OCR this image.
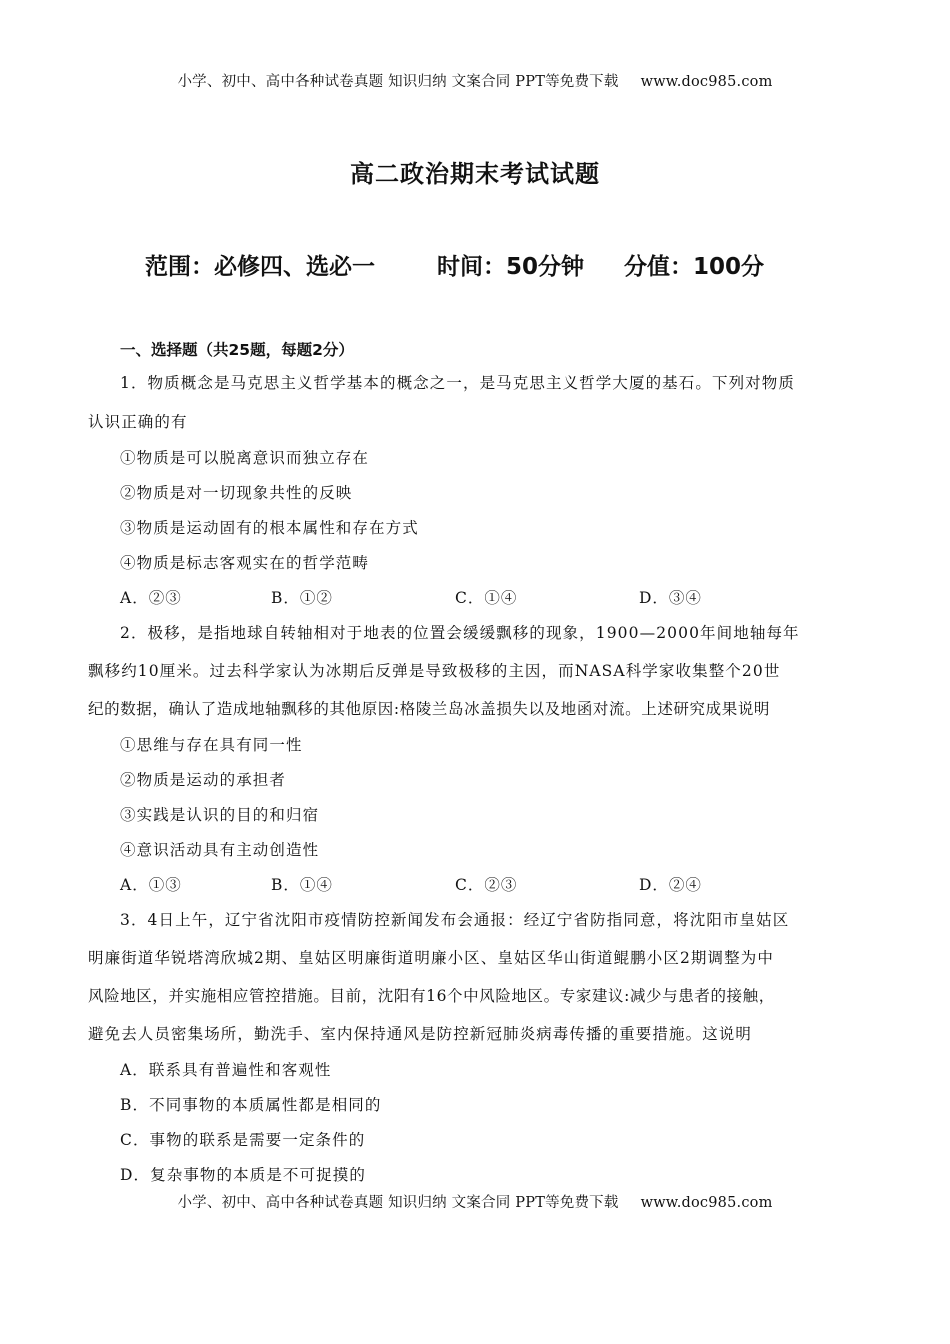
小学、初中、高中各种试卷真题 知识归纳 文案合同 PPT等免费下载 www.doc985.com
高二政治期末考试试题
范围：必修四、选必一	时间：50分钟 分值：100分
一、选择题（共25题，每题2分）
1．物质概念是马克思主义哲学基本的概念之一，是马克思主义哲学大厦的基石。下列对物质
认识正确的有
①物质是可以脱离意识而独立存在
②物质是对一切现象共性的反映
③物质是运动固有的根本属性和存在方式
④物质是标志客观实在的哲学范畴
A．②③	B．①②	C．①④	D．③④
2．极移，是指地球自转轴相对于地表的位置会缓缓飘移的现象，1900—2000年间地轴每年
飘移约10厘米。过去科学家认为冰期后反弹是导致极移的主因，而NASA科学家收集整个20世
纪的数据，确认了造成地轴飘移的其他原因:格陵兰岛冰盖损失以及地函对流。上述研究成果说明
①思维与存在具有同一性
②物质是运动的承担者
③实践是认识的目的和归宿
④意识活动具有主动创造性
A．①③	B．①④	C．②③	D．②④
3．4日上午，辽宁省沈阳市疫情防控新闻发布会通报：经辽宁省防指同意，将沈阳市皇姑区
明廉街道华锐塔湾欣城2期、皇姑区明廉街道明廉小区、皇姑区华山街道鲲鹏小区2期调整为中
风险地区，并实施相应管控措施。目前，沈阳有16个中风险地区。专家建议:减少与患者的接触，
避免去人员密集场所，勤洗手、室内保持通风是防控新冠肺炎病毒传播的重要措施。这说明
A．联系具有普遍性和客观性
B．不同事物的本质属性都是相同的
C．事物的联系是需要一定条件的
D．复杂事物的本质是不可捉摸的
小学、初中、高中各种试卷真题 知识归纳 文案合同 PPT等免费下载 www.doc985.com
